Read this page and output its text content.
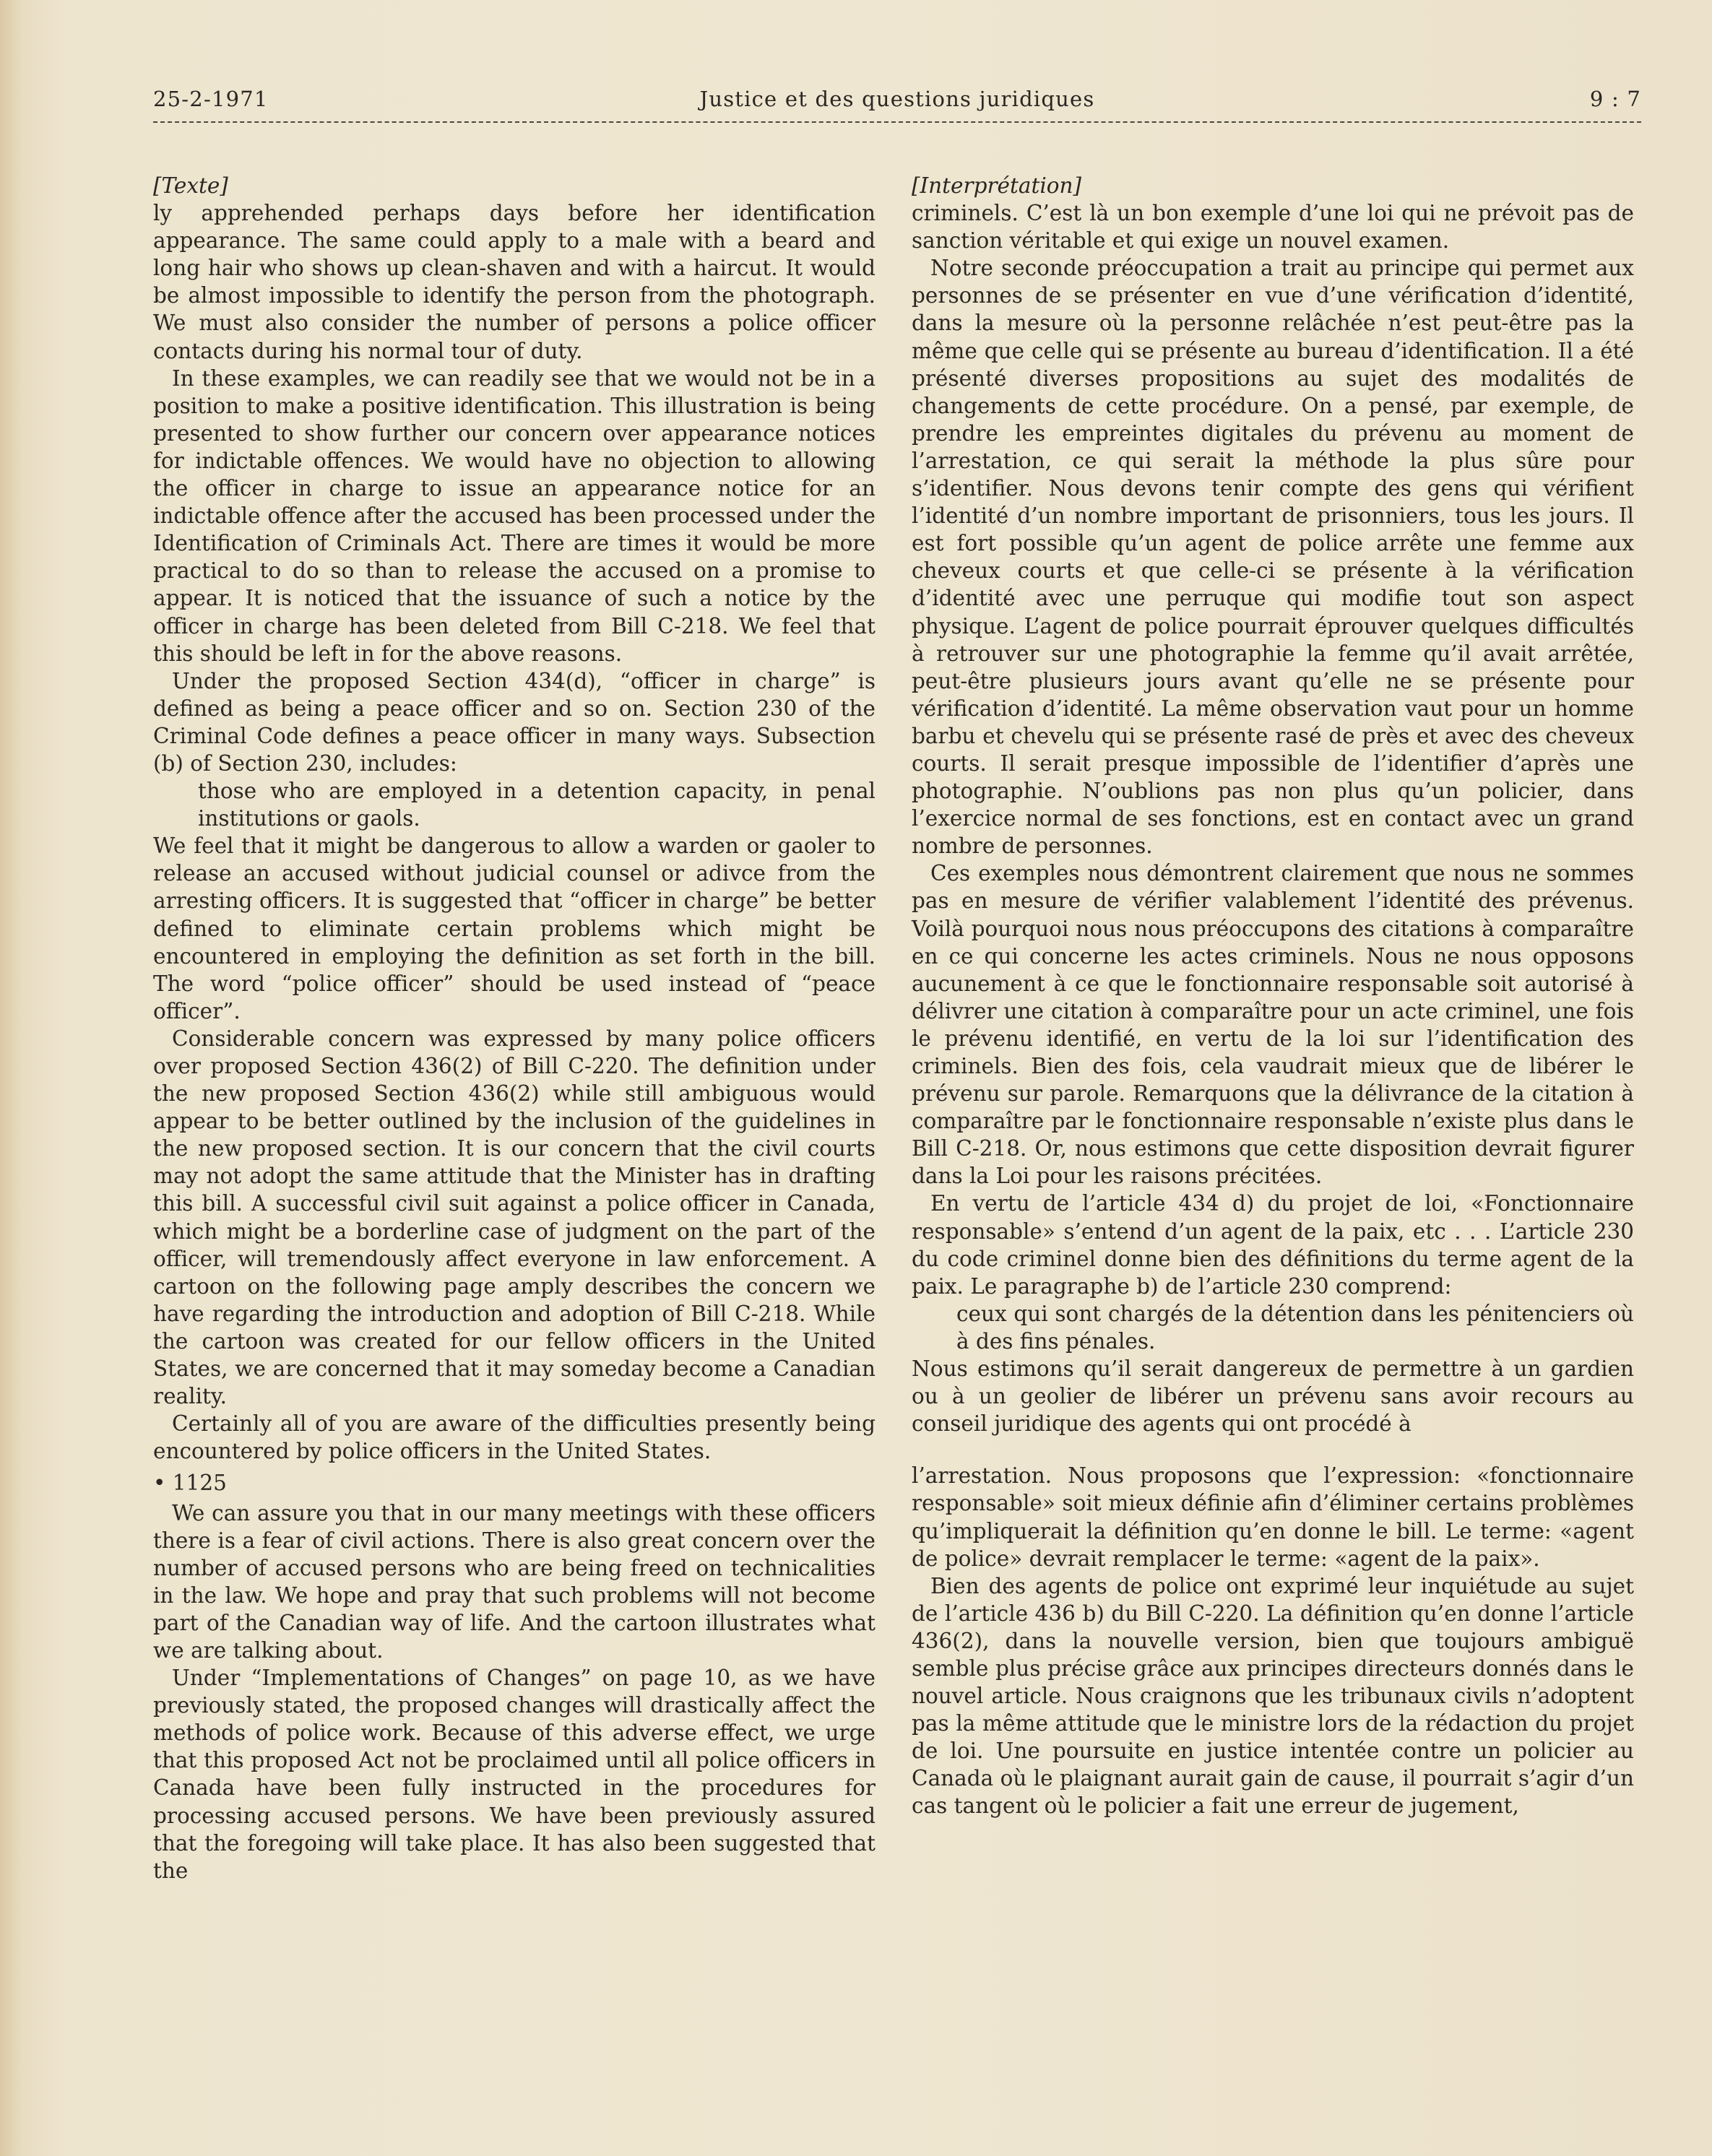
25-2-1971	Justice et des questions juridiques	9 : 7

[Texte]

ly apprehended perhaps days before her identification appearance. The same could apply to a male with a beard and long hair who shows up clean-shaven and with a haircut. It would be almost impossible to identify the person from the photograph. We must also consider the number of persons a police officer contacts during his normal tour of duty.

In these examples, we can readily see that we would not be in a position to make a positive identification. This illustration is being presented to show further our concern over appearance notices for indictable offences. We would have no objection to allowing the officer in charge to issue an appearance notice for an indictable offence after the accused has been processed under the Identification of Criminals Act. There are times it would be more practical to do so than to release the accused on a promise to appear. It is noticed that the issuance of such a notice by the officer in charge has been deleted from Bill C-218. We feel that this should be left in for the above reasons.

Under the proposed Section 434(d), “officer in charge” is defined as being a peace officer and so on. Section 230 of the Criminal Code defines a peace officer in many ways. Subsection (b) of Section 230, includes:

those who are employed in a detention capacity, in penal institutions or gaols.

We feel that it might be dangerous to allow a warden or gaoler to release an accused without judicial counsel or adivce from the arresting officers. It is suggested that “officer in charge” be better defined to eliminate certain problems which might be encountered in employing the definition as set forth in the bill. The word “police officer” should be used instead of “peace officer”.

Considerable concern was expressed by many police officers over proposed Section 436(2) of Bill C-220. The definition under the new proposed Section 436(2) while still ambiguous would appear to be better outlined by the inclusion of the guidelines in the new proposed section. It is our concern that the civil courts may not adopt the same attitude that the Minister has in drafting this bill. A successful civil suit against a police officer in Canada, which might be a borderline case of judgment on the part of the officer, will tremendously affect everyone in law enforcement. A cartoon on the following page amply describes the concern we have regarding the introduction and adoption of Bill C-218. While the cartoon was created for our fellow officers in the United States, we are concerned that it may someday become a Canadian reality.

Certainly all of you are aware of the difficulties presently being encountered by police officers in the United States.

• 1125

We can assure you that in our many meetings with these officers there is a fear of civil actions. There is also great concern over the number of accused persons who are being freed on technicalities in the law. We hope and pray that such problems will not become part of the Canadian way of life. And the cartoon illustrates what we are talking about.

Under “Implementations of Changes” on page 10, as we have previously stated, the proposed changes will drastically affect the methods of police work. Because of this adverse effect, we urge that this proposed Act not be proclaimed until all police officers in Canada have been fully instructed in the procedures for processing accused persons. We have been previously assured that the foregoing will take place. It has also been suggested that the

[Interprétation]

criminels. C’est là un bon exemple d’une loi qui ne prévoit pas de sanction véritable et qui exige un nouvel examen.

Notre seconde préoccupation a trait au principe qui permet aux personnes de se présenter en vue d’une vérification d’identité, dans la mesure où la personne relâchée n’est peut-être pas la même que celle qui se présente au bureau d’identification. Il a été présenté diverses propositions au sujet des modalités de changements de cette procédure. On a pensé, par exemple, de prendre les empreintes digitales du prévenu au moment de l’arrestation, ce qui serait la méthode la plus sûre pour s’identifier. Nous devons tenir compte des gens qui vérifient l’identité d’un nombre important de prisonniers, tous les jours. Il est fort possible qu’un agent de police arrête une femme aux cheveux courts et que celle-ci se présente à la vérification d’identité avec une perruque qui modifie tout son aspect physique. L’agent de police pourrait éprouver quelques difficultés à retrouver sur une photographie la femme qu’il avait arrêtée, peut-être plusieurs jours avant qu’elle ne se présente pour vérification d’identité. La même observation vaut pour un homme barbu et chevelu qui se présente rasé de près et avec des cheveux courts. Il serait presque impossible de l’identifier d’après une photographie. N’oublions pas non plus qu’un policier, dans l’exercice normal de ses fonctions, est en contact avec un grand nombre de personnes.

Ces exemples nous démontrent clairement que nous ne sommes pas en mesure de vérifier valablement l’identité des prévenus. Voilà pourquoi nous nous préoccupons des citations à comparaître en ce qui concerne les actes criminels. Nous ne nous opposons aucunement à ce que le fonctionnaire responsable soit autorisé à délivrer une citation à comparaître pour un acte criminel, une fois le prévenu identifié, en vertu de la loi sur l’identification des criminels. Bien des fois, cela vaudrait mieux que de libérer le prévenu sur parole. Remarquons que la délivrance de la citation à comparaître par le fonctionnaire responsable n’existe plus dans le Bill C-218. Or, nous estimons que cette disposition devrait figurer dans la Loi pour les raisons précitées.

En vertu de l’article 434 d) du projet de loi, «Fonctionnaire responsable» s’entend d’un agent de la paix, etc . . . L’article 230 du code criminel donne bien des définitions du terme agent de la paix. Le paragraphe b) de l’article 230 comprend:

ceux qui sont chargés de la détention dans les pénitenciers où à des fins pénales.

Nous estimons qu’il serait dangereux de permettre à un gardien ou à un geolier de libérer un prévenu sans avoir recours au conseil juridique des agents qui ont procédé à

l’arrestation. Nous proposons que l’expression: «fonctionnaire responsable» soit mieux définie afin d’éliminer certains problèmes qu’impliquerait la définition qu’en donne le bill. Le terme: «agent de police» devrait remplacer le terme: «agent de la paix».

Bien des agents de police ont exprimé leur inquiétude au sujet de l’article 436 b) du Bill C-220. La définition qu’en donne l’article 436(2), dans la nouvelle version, bien que toujours ambiguë semble plus précise grâce aux principes directeurs donnés dans le nouvel article. Nous craignons que les tribunaux civils n’adoptent pas la même attitude que le ministre lors de la rédaction du projet de loi. Une poursuite en justice intentée contre un policier au Canada où le plaignant aurait gain de cause, il pourrait s’agir d’un cas tangent où le policier a fait une erreur de jugement,
